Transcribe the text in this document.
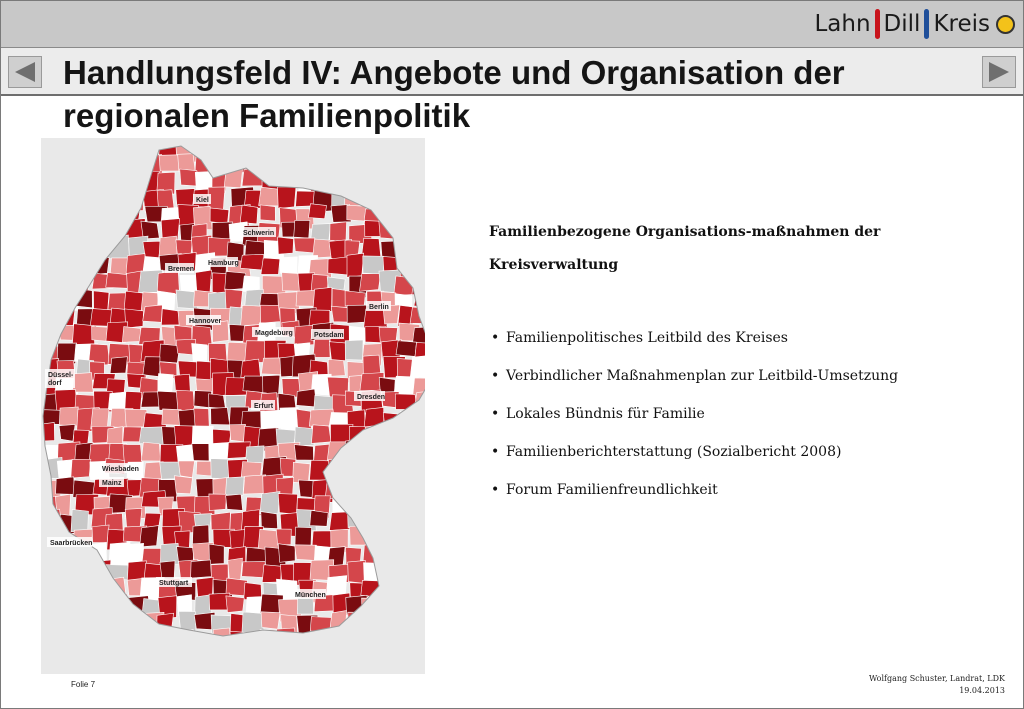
Lahn Dill Kreis
Handlungsfeld IV: Angebote und Organisation der regionalen Familienpolitik
Kiel
Schwerin
Hamburg
Bremen
Hannover
Berlin
Magdeburg	Potsdam
Düssel-
dorf
Dresden
Erfurt
Wiesbaden
Mainz
Saarbrücken
Stuttgart
München

Familienbezogene Organisations-maßnahmen der Kreisverwaltung

• Familienpolitisches Leitbild des Kreises
• Verbindlicher Maßnahmenplan zur Leitbild-Umsetzung
• Lokales Bündnis für Familie
• Familienberichterstattung (Sozialbericht 2008)
• Forum Familienfreundlichkeit
Folie 7
Wolfgang Schuster, Landrat, LDK
19.04.2013
